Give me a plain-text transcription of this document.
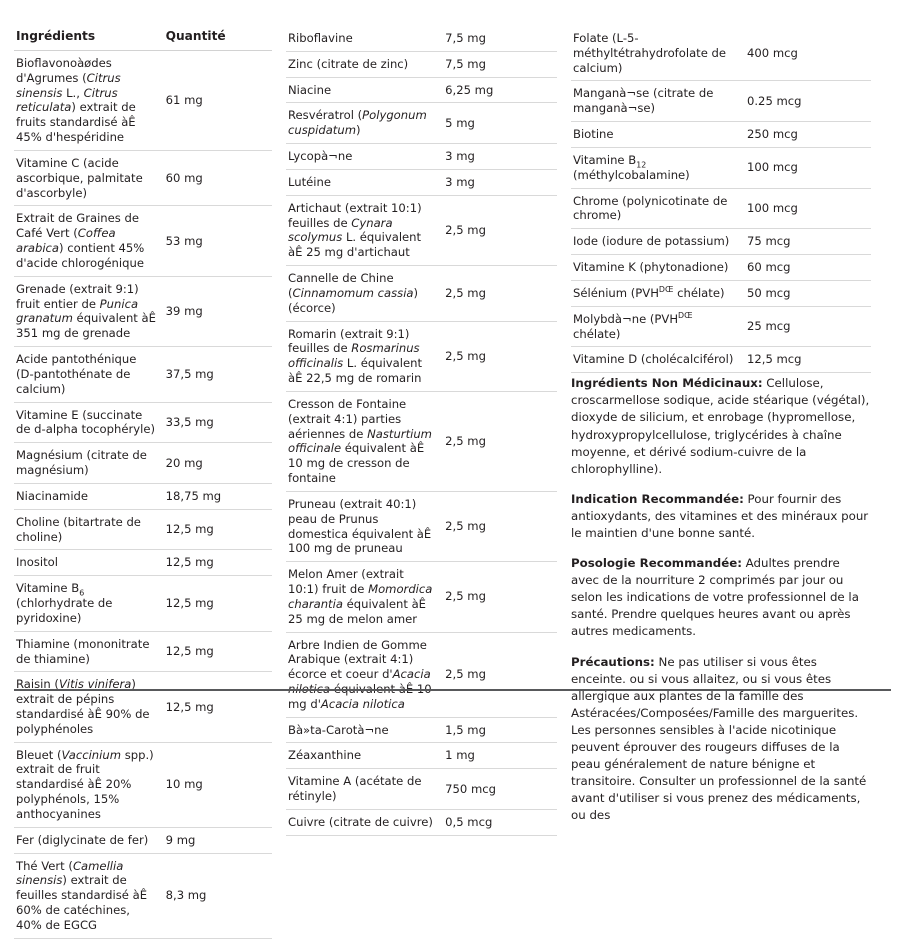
Ingrédients	Quantité	
Bioflavonoàødes d'Agrumes (Citrus sinensis L., Citrus reticulata) extrait de fruits standardisé àÊ 45% d'hespéridine	61 mg	
Vitamine C (acide ascorbique, palmitate d'ascorbyle)	60 mg	
Extrait de Graines de Café Vert (Coffea arabica) contient 45% d'acide chlorogénique	53 mg	
Grenade (extrait 9:1) fruit entier de Punica granatum équivalent àÊ 351 mg de grenade	39 mg	
Acide pantothénique (D-pantothénate de calcium)	37,5 mg	
Vitamine E (succinate de d-alpha tocophéryle)	33,5 mg	
Magnésium (citrate de magnésium)	20 mg	
Niacinamide	18,75 mg	
Choline (bitartrate de choline)	12,5 mg	
Inositol	12,5 mg	
Vitamine $B_6$ (chlorhydrate de pyridoxine)	12,5 mg	
Thiamine (mononitrate de thiamine)	12,5 mg	
Raisin (Vitis vinifera) extrait de pépins standardisé àÊ 90% de polyphénoles	12,5 mg	
Bleuet (Vaccinium spp.) extrait de fruit standardisé àÊ 20% polyphénols, 15% anthocyanines	10 mg	
Fer (diglycinate de fer)	9 mg	
Thé Vert (Camellia sinensis) extrait de feuilles standardisé àÊ 60% de catéchines, 40% de EGCG	8,3 mg	
Riboflavine	7,5 mg	
Zinc (citrate de zinc)	7,5 mg	
Niacine	6,25 mg	
Resvératrol (Polygonum cuspidatum)	5 mg	
Lycopà¬ne	3 mg	
Lutéine	3 mg	
Artichaut (extrait 10:1) feuilles de Cynara scolymus L. équivalent àÊ 25 mg d'artichaut	2,5 mg	
Cannelle de Chine (Cinnamomum cassia) (écorce)	2,5 mg	
Romarin (extrait 9:1) feuilles de Rosmarinus officinalis L. équivalent àÊ 22,5 mg de romarin	2,5 mg	
Cresson de Fontaine (extrait 4:1) parties aériennes de Nasturtium officinale équivalent àÊ 10 mg de cresson de fontaine	2,5 mg	
Pruneau (extrait 40:1) peau de Prunus domestica équivalent àÊ 100 mg de pruneau	2,5 mg	
Melon Amer (extrait 10:1) fruit de Momordica charantia équivalent àÊ 25 mg de melon amer	2,5 mg	
Arbre Indien de Gomme Arabique (extrait 4:1) écorce et coeur d'Acacia nilotica équivalent àÊ 10 mg d'Acacia nilotica	2,5 mg	
Bà»ta-Carotà¬ne	1,5 mg	
Zéaxanthine	1 mg	
Vitamine A (acétate de rétinyle)	750 mcg	
Cuivre (citrate de cuivre)	0,5 mcg	
Folate (L-5-méthyltétrahydrofolate de calcium)	400 mcg	
Manganà¬se (citrate de manganà¬se)	0.25 mcg	
Biotine	250 mcg	
Vitamine $B_{12}$ (méthylcobalamine)	100 mcg	
Chrome (polynicotinate de chrome)	100 mcg	
Iode (iodure de potassium)	75 mcg	
Vitamine K (phytonadione)	60 mcg	
Sélénium ($PVH^{DŒ}$ chélate)	50 mcg	
Molybdà¬ne ($PVH^{DŒ}$ chélate)	25 mcg	
Vitamine D (cholécalciférol)	12,5 mcg	

Ingrédients Non Médicinaux: Cellulose, croscarmellose sodique, acide stéarique (végétal), dioxyde de silicium, et enrobage (hypromellose, hydroxypropylcellulose, triglycérides à chaîne moyenne, et dérivé sodium-cuivre de la chlorophylline).

Indication Recommandée: Pour fournir des antioxydants, des vitamines et des minéraux pour le maintien d'une bonne santé.

Posologie Recommandée: Adultes prendre avec de la nourriture 2 comprimés par jour ou selon les indications de votre professionnel de la santé. Prendre quelques heures avant ou après autres medicaments.

Précautions: Ne pas utiliser si vous êtes enceinte. ou si vous allaitez, ou si vous êtes allergique aux plantes de la famille des Astéracées/Composées/Famille des marguerites. Les personnes sensibles à l'acide nicotinique peuvent éprouver des rougeurs diffuses de la peau généralement de nature bénigne et transitoire. Consulter un professionnel de la santé avant d'utiliser si vous prenez des médicaments, ou des
